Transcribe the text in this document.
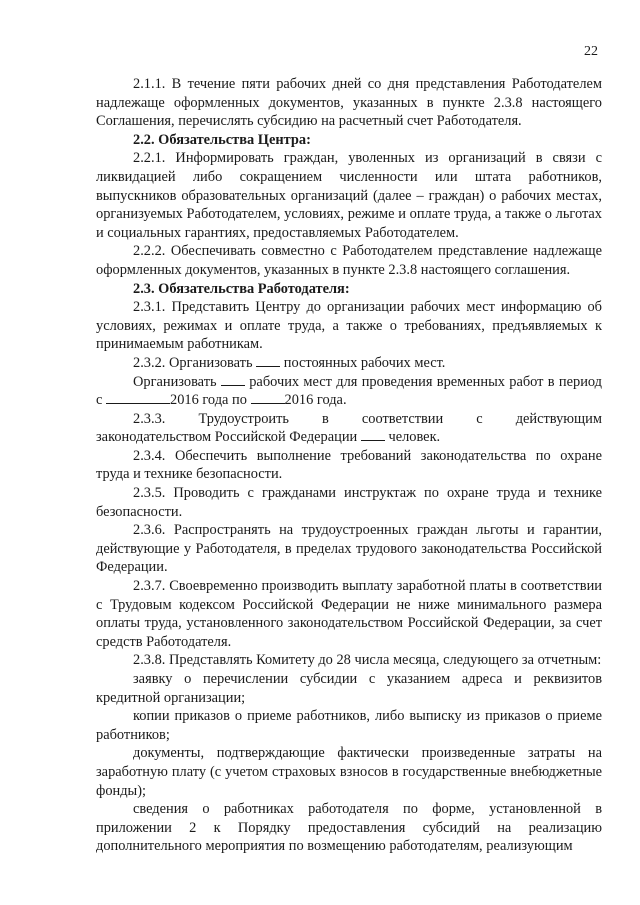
22

2.1.1. В течение пяти рабочих дней со дня представления Работодателем надлежаще оформленных документов, указанных в пункте 2.3.8 настоящего Соглашения, перечислять субсидию на расчетный счет Работодателя.

2.2. Обязательства Центра:

2.2.1. Информировать граждан, уволенных из организаций в связи с ликвидацией либо сокращением численности или штата работников, выпускников образовательных организаций (далее – граждан) о рабочих местах, организуемых Работодателем, условиях, режиме и оплате труда, а также о льготах и социальных гарантиях, предоставляемых Работодателем.

2.2.2. Обеспечивать совместно с Работодателем представление надлежаще оформленных документов, указанных в пункте 2.3.8 настоящего соглашения.

2.3. Обязательства Работодателя:

2.3.1. Представить Центру до организации рабочих мест информацию об условиях, режимах и оплате труда, а также о требованиях, предъявляемых к принимаемым работникам.

2.3.2. Организовать постоянных рабочих мест.

Организовать рабочих мест для проведения временных работ в период с	2016 года по	2016 года.

2.3.3. Трудоустроить в соответствии с действующим

законодательством Российской Федерации человек.

2.3.4. Обеспечить выполнение требований законодательства по охране труда и технике безопасности.

2.3.5. Проводить с гражданами инструктаж по охране труда и технике безопасности.

2.3.6. Распространять на трудоустроенных граждан льготы и гарантии, действующие у Работодателя, в пределах трудового законодательства Российской Федерации.

2.3.7. Своевременно производить выплату заработной платы в соответствии с Трудовым кодексом Российской Федерации не ниже минимального размера оплаты труда, установленного законодательством Российской Федерации, за счет средств Работодателя.

2.3.8. Представлять Комитету до 28 числа месяца, следующего за отчетным:

заявку о перечислении субсидии с указанием адреса и реквизитов кредитной организации;

копии приказов о приеме работников, либо выписку из приказов о приеме работников;

документы, подтверждающие фактически произведенные затраты на заработную плату (с учетом страховых взносов в государственные внебюджетные фонды);

сведения о работниках работодателя по форме, установленной в приложении 2 к Порядку предоставления субсидий на реализацию дополнительного мероприятия по возмещению работодателям, реализующим
